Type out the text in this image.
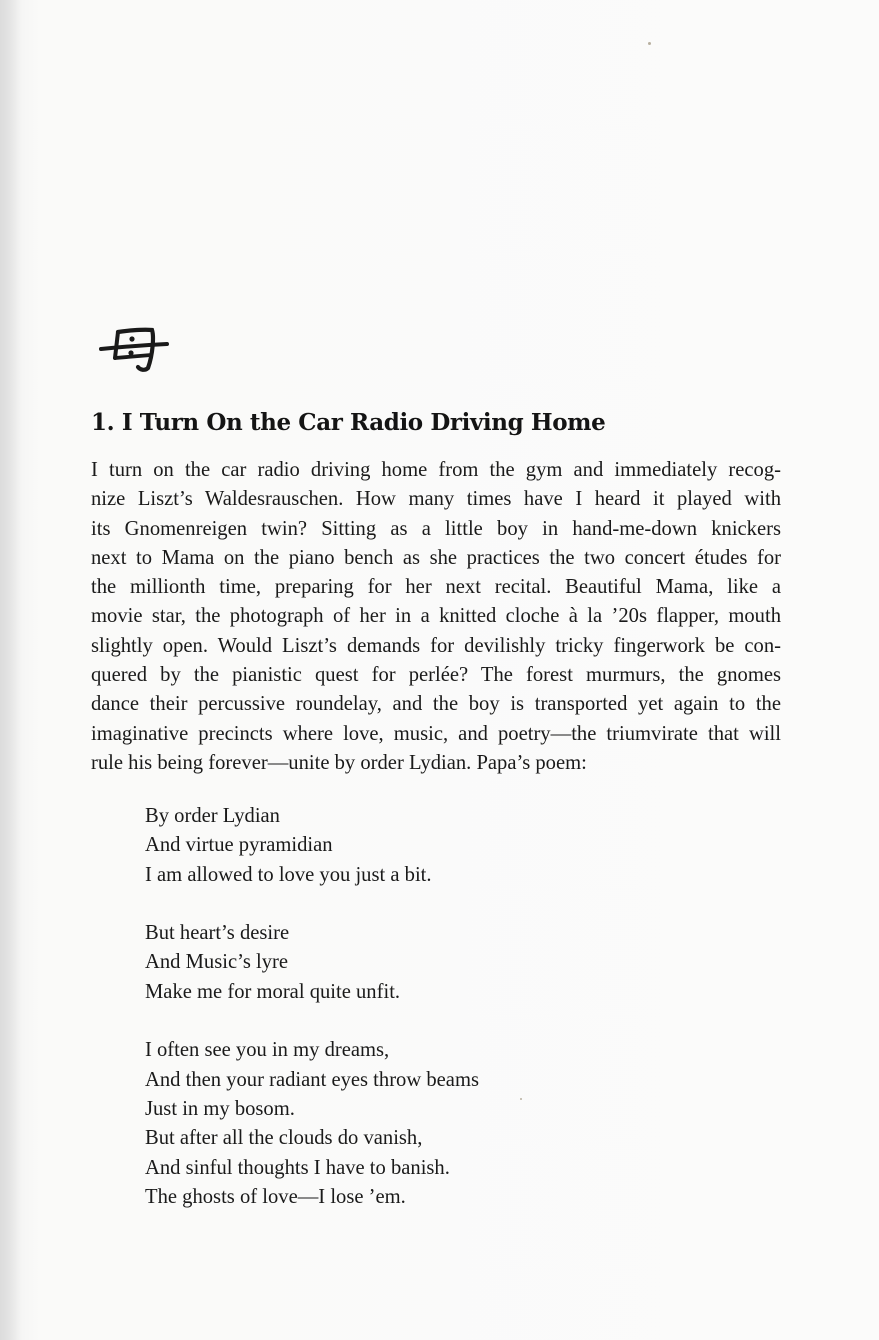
1. I Turn On the Car Radio Driving Home
I turn on the car radio driving home from the gym and immediately recog-
nize Liszt’s Waldesrauschen. How many times have I heard it played with
its Gnomenreigen twin? Sitting as a little boy in hand-me-down knickers
next to Mama on the piano bench as she practices the two concert études for
the millionth time, preparing for her next recital. Beautiful Mama, like a
movie star, the photograph of her in a knitted cloche à la ’20s flapper, mouth
slightly open. Would Liszt’s demands for devilishly tricky fingerwork be con-
quered by the pianistic quest for perlée? The forest murmurs, the gnomes
dance their percussive roundelay, and the boy is transported yet again to the
imaginative precincts where love, music, and poetry—the triumvirate that will
rule his being forever—unite by order Lydian. Papa’s poem:
By order Lydian
And virtue pyramidian
I am allowed to love you just a bit.
But heart’s desire
And Music’s lyre
Make me for moral quite unfit.
I often see you in my dreams,
And then your radiant eyes throw beams
Just in my bosom.
But after all the clouds do vanish,
And sinful thoughts I have to banish.
The ghosts of love—I lose ’em.
